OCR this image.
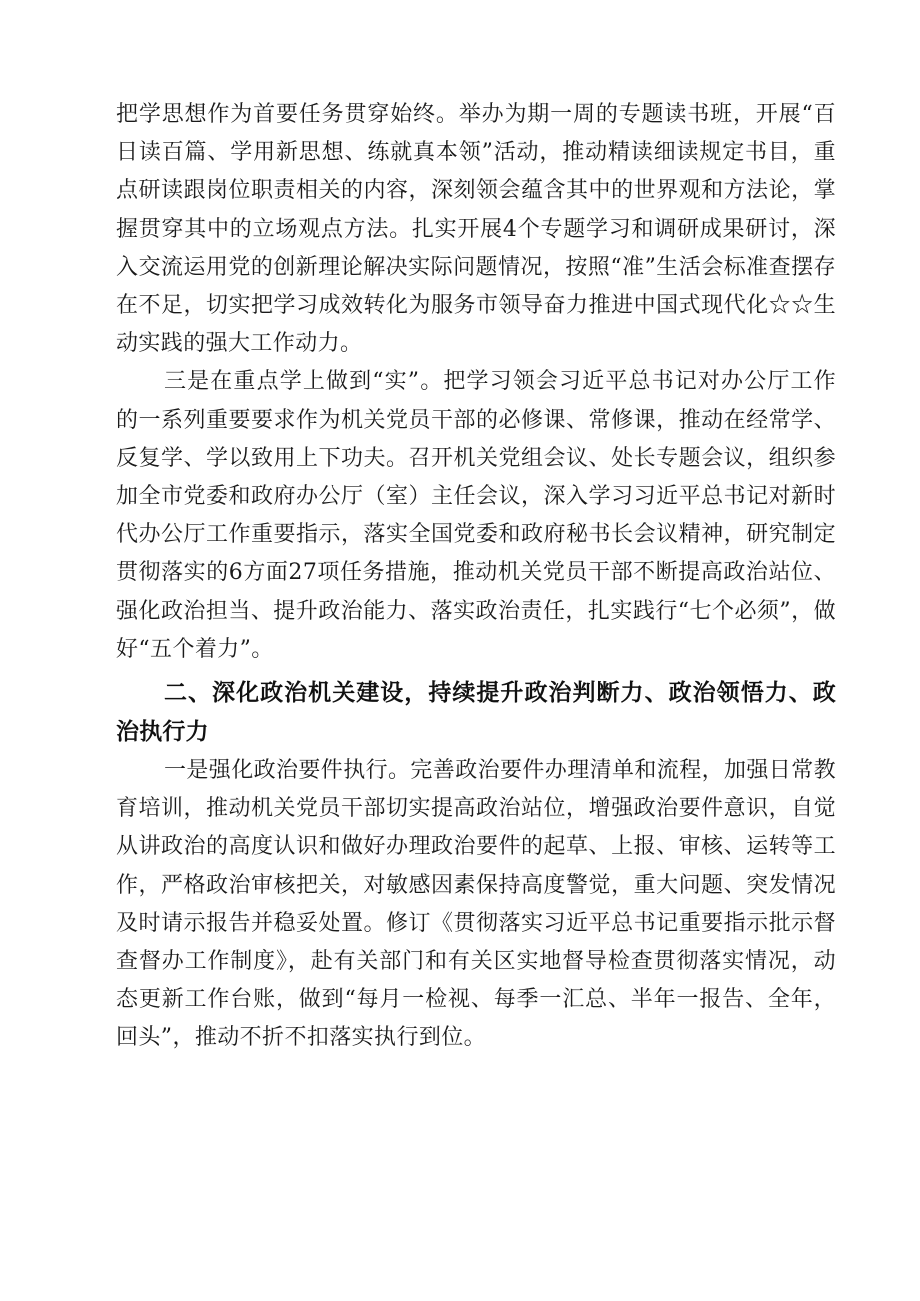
把学思想作为首要任务贯穿始终。举办为期一周的专题读书班，开展“百日读百篇、学用新思想、练就真本领”活动，推动精读细读规定书目，重点研读跟岗位职责相关的内容，深刻领会蕴含其中的世界观和方法论，掌握贯穿其中的立场观点方法。扎实开展4个专题学习和调研成果研讨，深入交流运用党的创新理论解决实际问题情况，按照“准”生活会标准查摆存在不足，切实把学习成效转化为服务市领导奋力推进中国式现代化☆☆生动实践的强大工作动力。

三是在重点学上做到“实”。把学习领会习近平总书记对办公厅工作的一系列重要要求作为机关党员干部的必修课、常修课，推动在经常学、反复学、学以致用上下功夫。召开机关党组会议、处长专题会议，组织参加全市党委和政府办公厅（室）主任会议，深入学习习近平总书记对新时代办公厅工作重要指示，落实全国党委和政府秘书长会议精神，研究制定贯彻落实的6方面27项任务措施，推动机关党员干部不断提高政治站位、强化政治担当、提升政治能力、落实政治责任，扎实践行“七个必须”，做好“五个着力”。

二、深化政治机关建设，持续提升政治判断力、政治领悟力、政治执行力

一是强化政治要件执行。完善政治要件办理清单和流程，加强日常教育培训，推动机关党员干部切实提高政治站位，增强政治要件意识，自觉从讲政治的高度认识和做好办理政治要件的起草、上报、审核、运转等工作，严格政治审核把关，对敏感因素保持高度警觉，重大问题、突发情况及时请示报告并稳妥处置。修订《贯彻落实习近平总书记重要指示批示督查督办工作制度》，赴有关部门和有关区实地督导检查贯彻落实情况，动态更新工作台账，做到“每月一检视、每季一汇总、半年一报告、全年，回头”，推动不折不扣落实执行到位。
